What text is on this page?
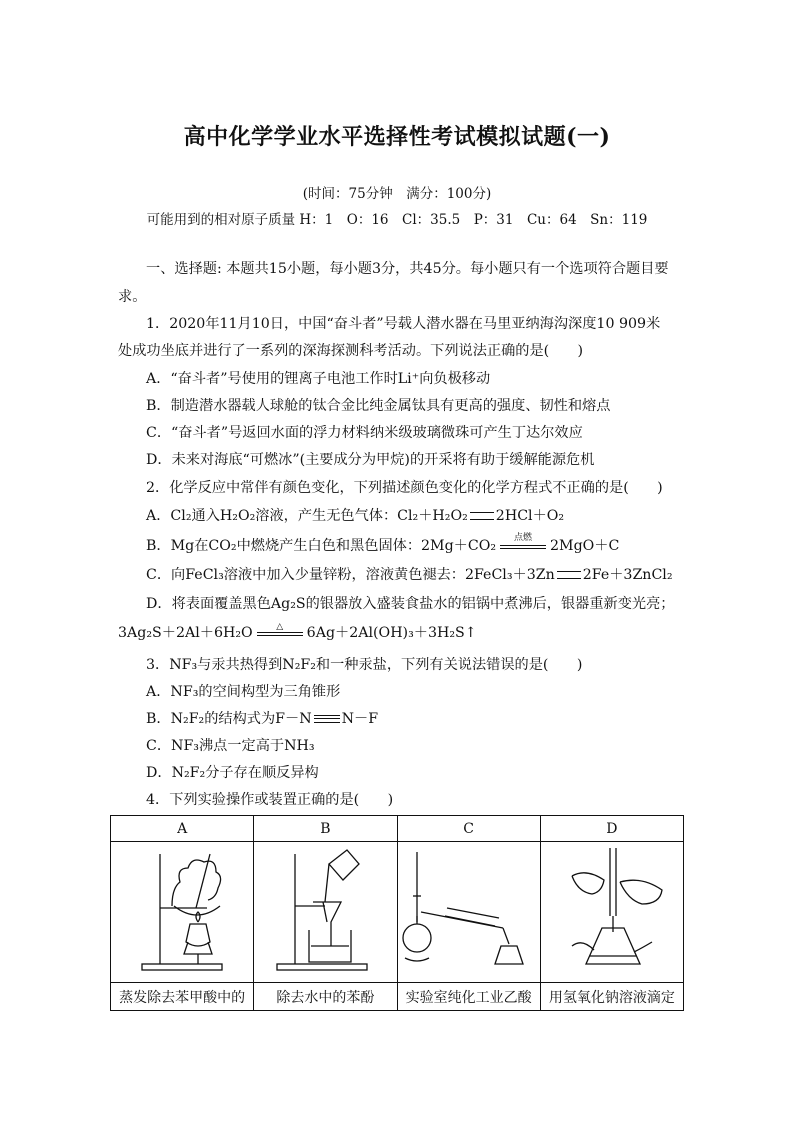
高中化学学业水平选择性考试模拟试题(一)
(时间：75分钟　满分：100分)
可能用到的相对原子质量 H：1　O：16　Cl：35.5　P：31　Cu：64　Sn：119
一、选择题: 本题共15小题，每小题3分，共45分。每小题只有一个选项符合题目要
求。
1．2020年11月10日，中国“奋斗者”号载人潜水器在马里亚纳海沟深度10 909米
处成功坐底并进行了一系列的深海探测科考活动。下列说法正确的是(　　)
A．“奋斗者”号使用的锂离子电池工作时Li⁺向负极移动
B．制造潜水器载人球舱的钛合金比纯金属钛具有更高的强度、韧性和熔点
C．“奋斗者”号返回水面的浮力材料纳米级玻璃微珠可产生丁达尔效应
D．未来对海底“可燃冰”(主要成分为甲烷)的开采将有助于缓解能源危机
2．化学反应中常伴有颜色变化，下列描述颜色变化的化学方程式不正确的是(　　)
A．Cl₂通入H₂O₂溶液，产生无色气体：Cl₂＋H₂O₂ 2HCl＋O₂
B．Mg在CO₂中燃烧产生白色和黑色固体：2Mg＋CO₂	点燃	2MgO＋C
C．向FeCl₃溶液中加入少量锌粉，溶液黄色褪去：2FeCl₃＋3Zn 2Fe＋3ZnCl₂
D．将表面覆盖黑色Ag₂S的银器放入盛装食盐水的铝锅中煮沸后，银器重新变光亮；
3Ag₂S＋2Al＋6H₂O	△	6Ag＋2Al(OH)₃＋3H₂S↑
3．NF₃与汞共热得到N₂F₂和一种汞盐，下列有关说法错误的是(　　)
A．NF₃的空间构型为三角锥形
B．N₂F₂的结构式为F－N N－F
C．NF₃沸点一定高于NH₃
D．N₂F₂分子存在顺反异构
4．下列实验操作或装置正确的是(　　)
A	B	C	D

蒸发除去苯甲酸中的	除去水中的苯酚	实验室纯化工业乙酸	用氢氧化钠溶液滴定
